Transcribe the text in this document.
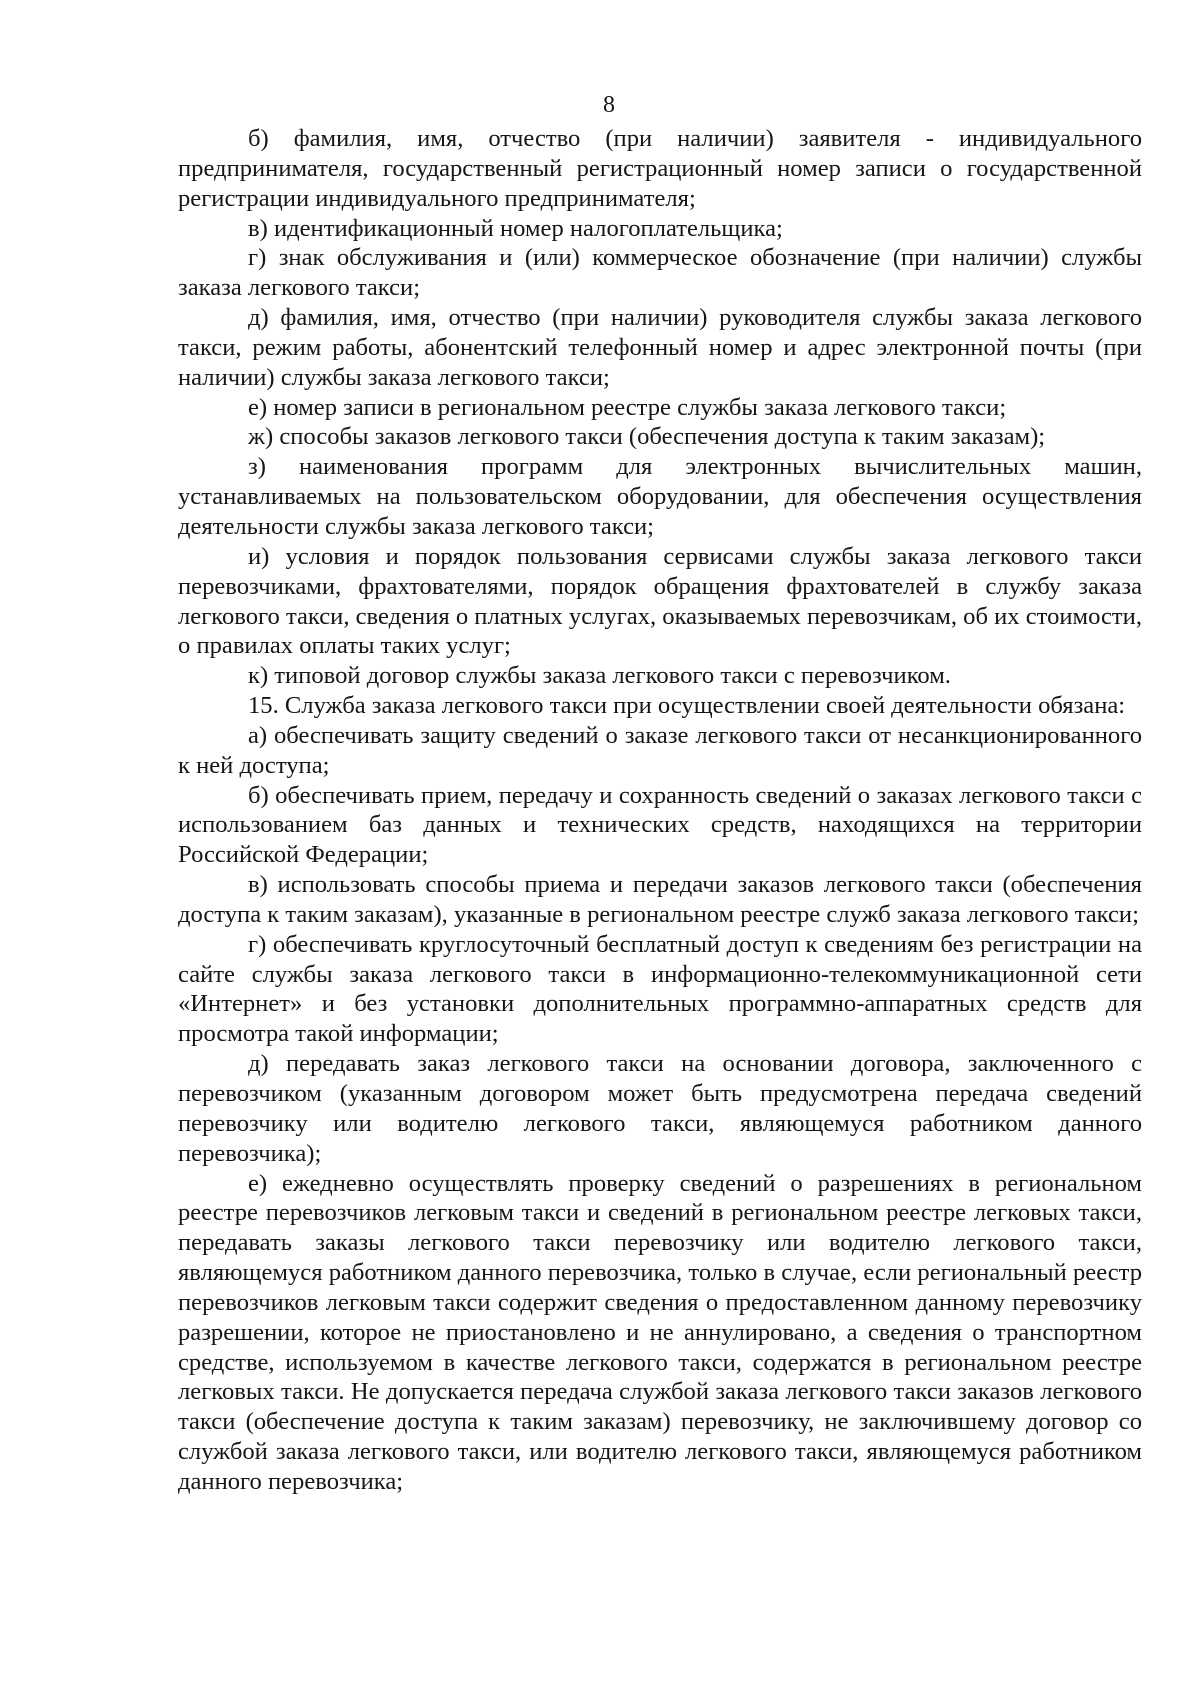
8

б) фамилия, имя, отчество (при наличии) заявителя - индивидуального предпринимателя, государственный регистрационный номер записи о государственной регистрации индивидуального предпринимателя;

в) идентификационный номер налогоплательщика;

г) знак обслуживания и (или) коммерческое обозначение (при наличии) службы заказа легкового такси;

д) фамилия, имя, отчество (при наличии) руководителя службы заказа легкового такси, режим работы, абонентский телефонный номер и адрес электронной почты (при наличии) службы заказа легкового такси;

е) номер записи в региональном реестре службы заказа легкового такси;

ж) способы заказов легкового такси (обеспечения доступа к таким заказам);

з) наименования программ для электронных вычислительных машин, устанавливаемых на пользовательском оборудовании, для обеспечения осуществления деятельности службы заказа легкового такси;

и) условия и порядок пользования сервисами службы заказа легкового такси перевозчиками, фрахтователями, порядок обращения фрахтователей в службу заказа легкового такси, сведения о платных услугах, оказываемых перевозчикам, об их стоимости, о правилах оплаты таких услуг;

к) типовой договор службы заказа легкового такси с перевозчиком.

15. Служба заказа легкового такси при осуществлении своей деятельности обязана:

а) обеспечивать защиту сведений о заказе легкового такси от несанкционированного к ней доступа;

б) обеспечивать прием, передачу и сохранность сведений о заказах легкового такси с использованием баз данных и технических средств, находящихся на территории Российской Федерации;

в) использовать способы приема и передачи заказов легкового такси (обеспечения доступа к таким заказам), указанные в региональном реестре служб заказа легкового такси;

г) обеспечивать круглосуточный бесплатный доступ к сведениям без регистрации на сайте службы заказа легкового такси в информационно-телекоммуникационной сети «Интернет» и без установки дополнительных программно-аппаратных средств для просмотра такой информации;

д) передавать заказ легкового такси на основании договора, заключенного с перевозчиком (указанным договором может быть предусмотрена передача сведений перевозчику или водителю легкового такси, являющемуся работником данного перевозчика);

е) ежедневно осуществлять проверку сведений о разрешениях в региональном реестре перевозчиков легковым такси и сведений в региональном реестре легковых такси, передавать заказы легкового такси перевозчику или водителю легкового такси, являющемуся работником данного перевозчика, только в случае, если региональный реестр перевозчиков легковым такси содержит сведения о предоставленном данному перевозчику разрешении, которое не приостановлено и не аннулировано, а сведения о транспортном средстве, используемом в качестве легкового такси, содержатся в региональном реестре легковых такси. Не допускается передача службой заказа легкового такси заказов легкового такси (обеспечение доступа к таким заказам) перевозчику, не заключившему договор со службой заказа легкового такси, или водителю легкового такси, являющемуся работником данного перевозчика;
